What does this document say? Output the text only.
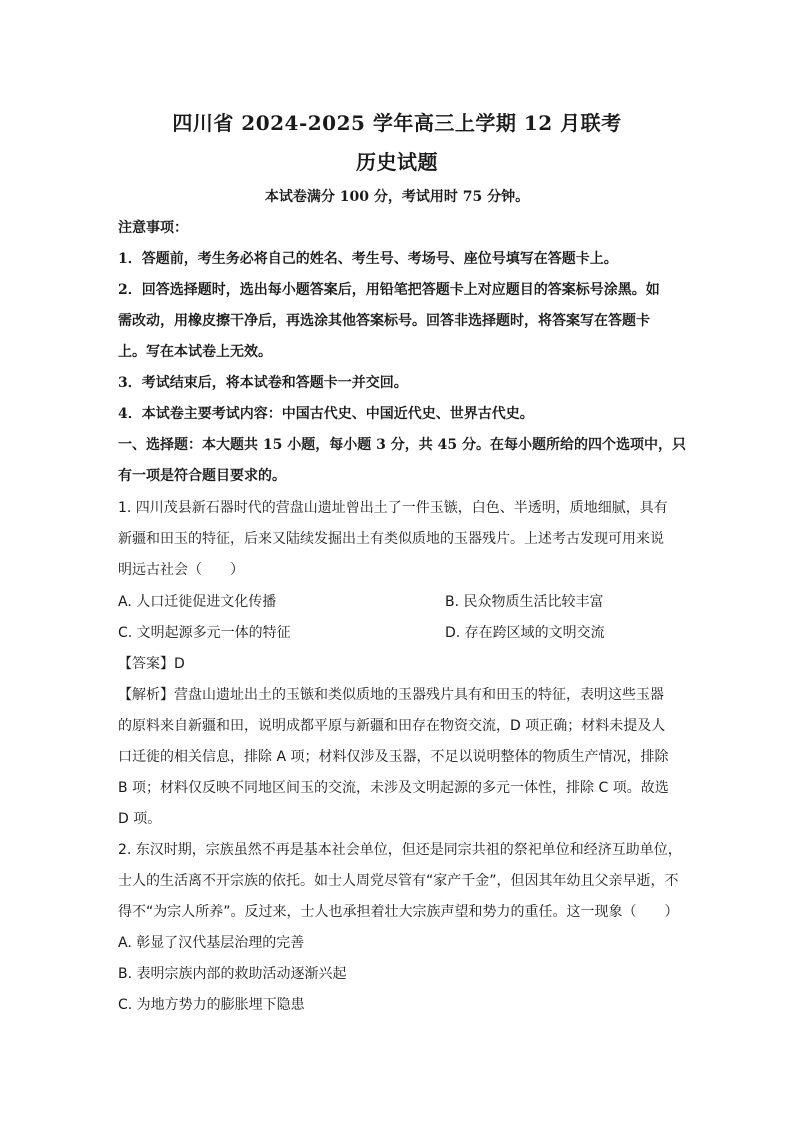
四川省 2024-2025 学年高三上学期 12 月联考
历史试题
本试卷满分 100 分，考试用时 75 分钟。
注意事项：
1．答题前，考生务必将自己的姓名、考生号、考场号、座位号填写在答题卡上。
2．回答选择题时，选出每小题答案后，用铅笔把答题卡上对应题目的答案标号涂黑。如
需改动，用橡皮擦干净后，再选涂其他答案标号。回答非选择题时，将答案写在答题卡
上。写在本试卷上无效。
3．考试结束后，将本试卷和答题卡一并交回。
4．本试卷主要考试内容：中国古代史、中国近代史、世界古代史。
一、选择题：本大题共 15 小题，每小题 3 分，共 45 分。在每小题所给的四个选项中，只
有一项是符合题目要求的。
1. 四川茂县新石器时代的营盘山遗址曾出土了一件玉镞，白色、半透明，质地细腻，具有
新疆和田玉的特征，后来又陆续发掘出土有类似质地的玉器残片。上述考古发现可用来说
明远古社会（　　）
A. 人口迁徙促进文化传播	B. 民众物质生活比较丰富
C. 文明起源多元一体的特征	D. 存在跨区域的文明交流
【答案】D
【解析】营盘山遗址出土的玉镞和类似质地的玉器残片具有和田玉的特征，表明这些玉器
的原料来自新疆和田，说明成都平原与新疆和田存在物资交流，D 项正确；材料未提及人
口迁徙的相关信息，排除 A 项；材料仅涉及玉器，不足以说明整体的物质生产情况，排除
B 项；材料仅反映不同地区间玉的交流，未涉及文明起源的多元一体性，排除 C 项。故选
D 项。
2. 东汉时期，宗族虽然不再是基本社会单位，但还是同宗共祖的祭祀单位和经济互助单位，
士人的生活离不开宗族的依托。如士人周党尽管有“家产千金”，但因其年幼且父亲早逝，不
得不“为宗人所养”。反过来，士人也承担着壮大宗族声望和势力的重任。这一现象（　　）
A. 彰显了汉代基层治理的完善
B. 表明宗族内部的救助活动逐渐兴起
C. 为地方势力的膨胀埋下隐患
